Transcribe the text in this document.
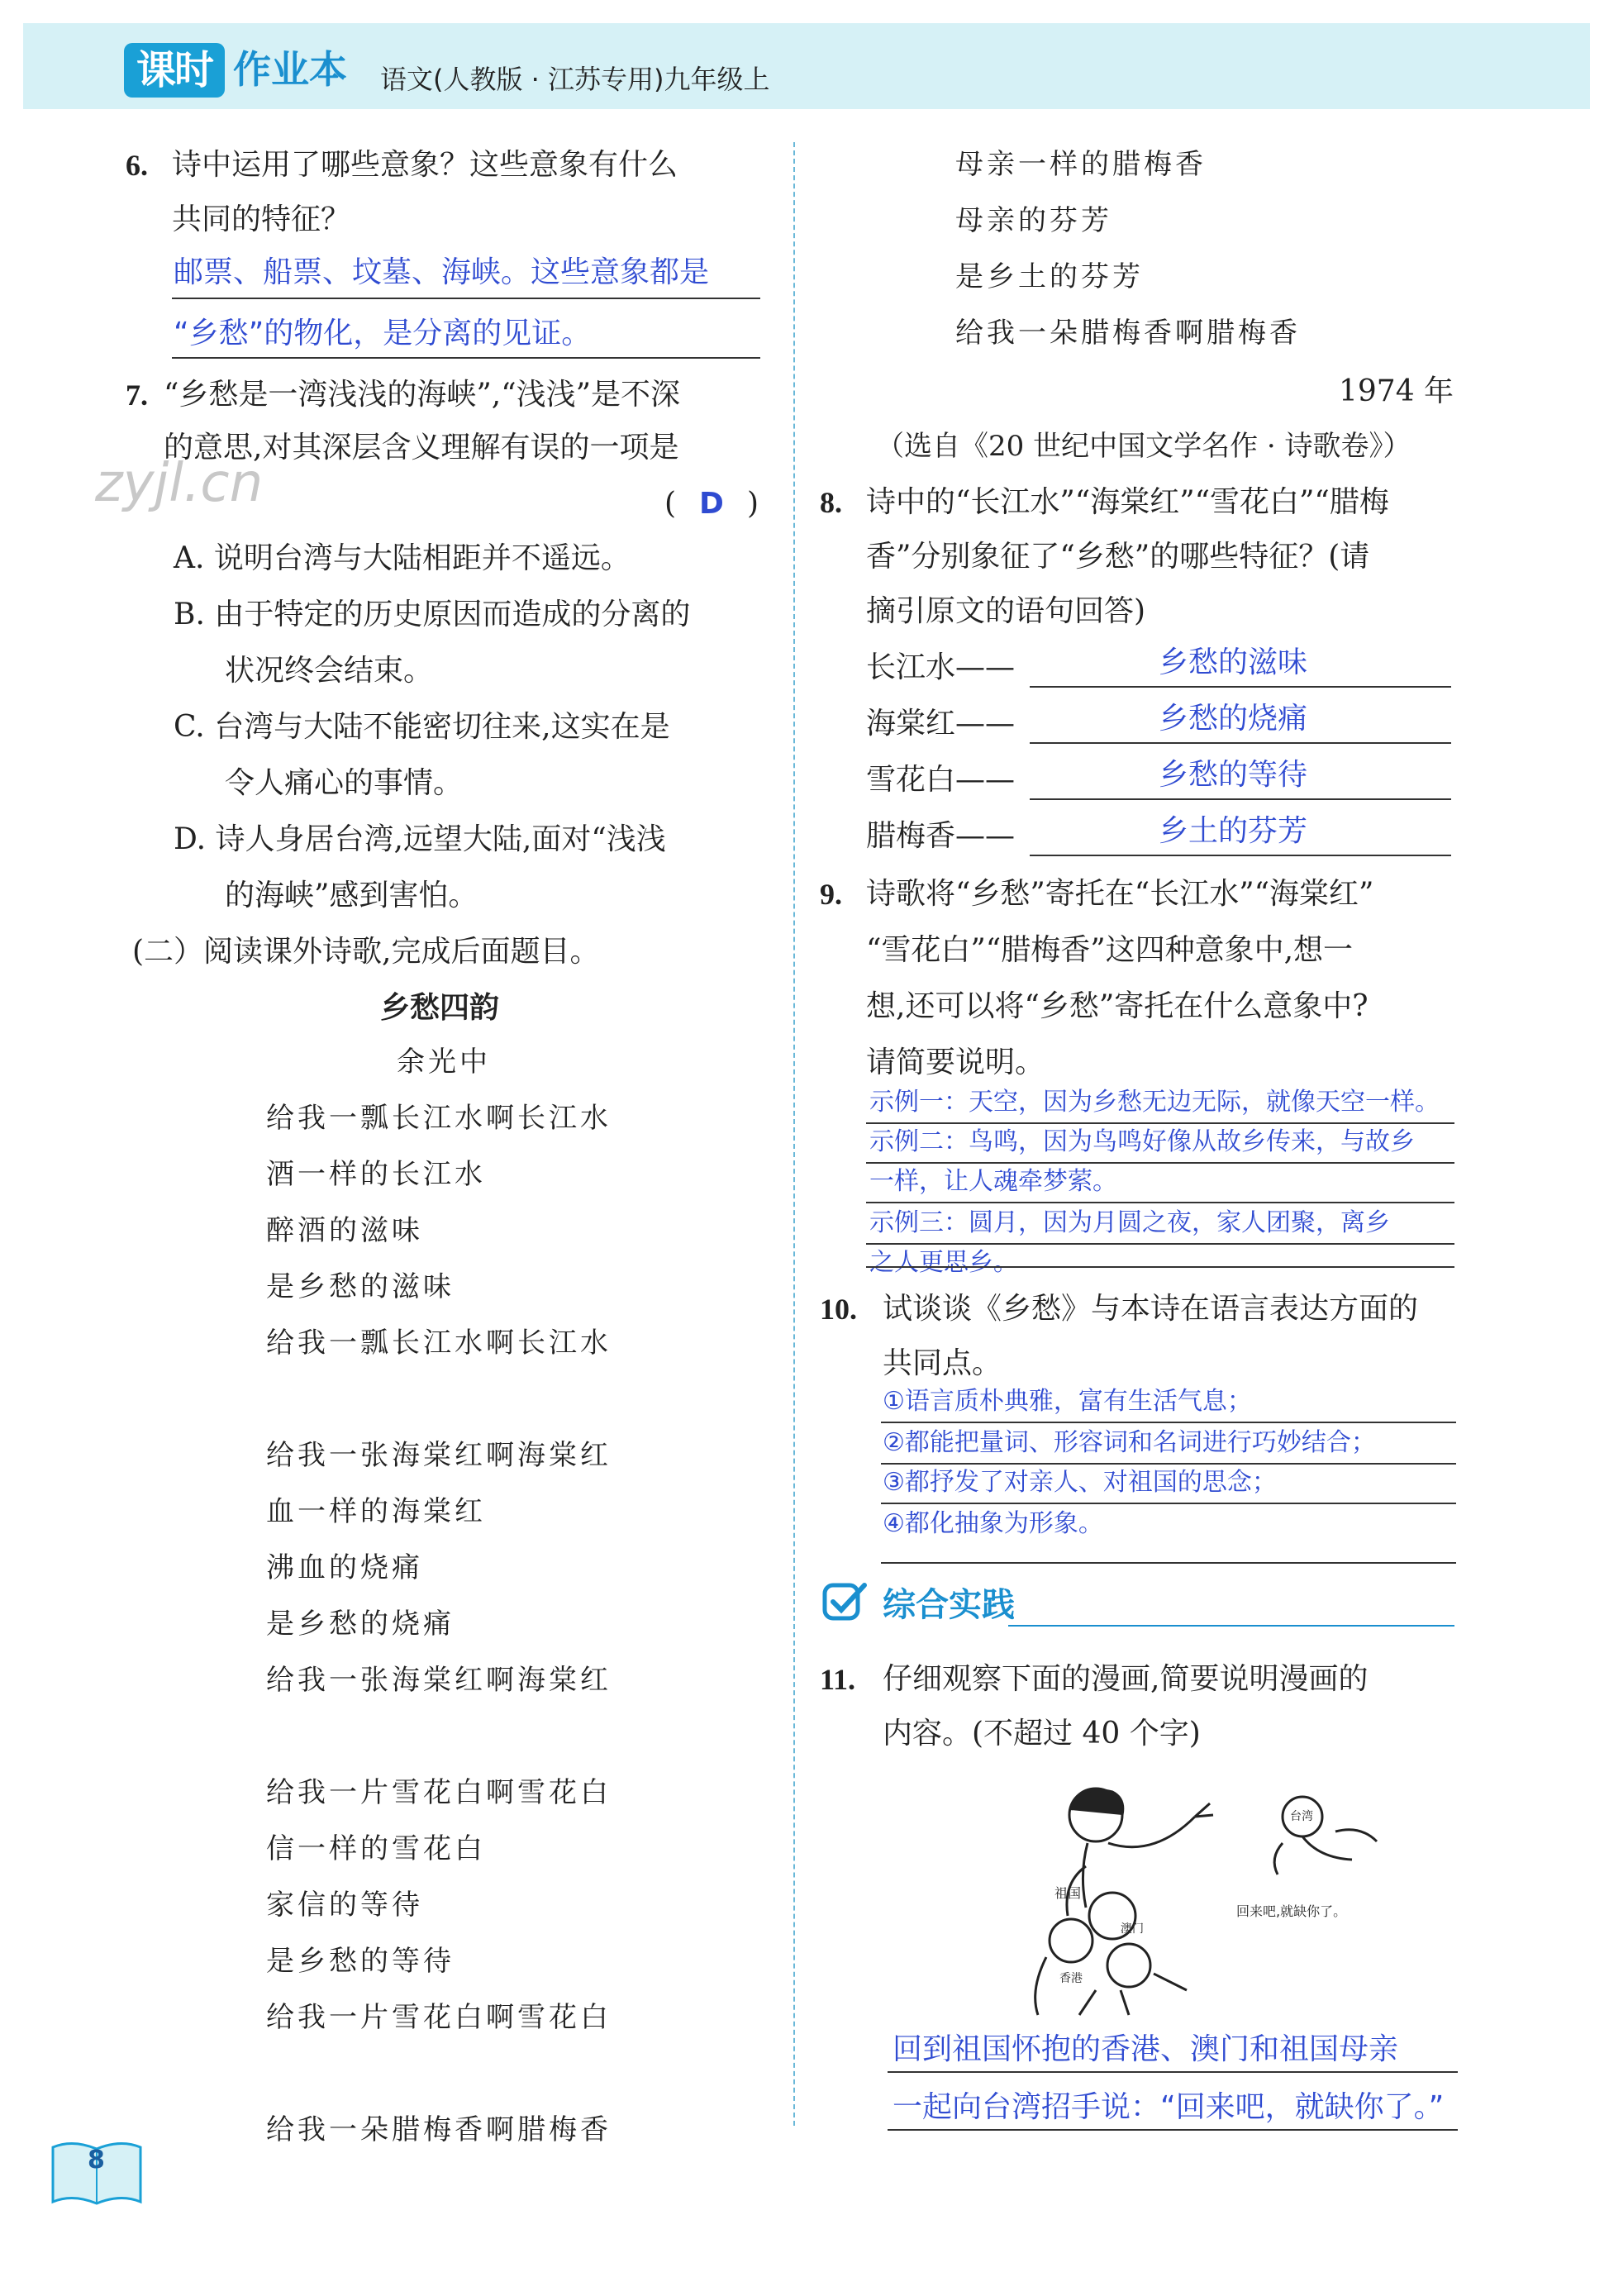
课时 作业本 语文(人教版 · 江苏专用)九年级上
zyjl.cn
6. 诗中运用了哪些意象？这些意象有什么
共同的特征？
邮票、船票、坟墓、海峡。这些意象都是
“乡愁”的物化，是分离的见证。
7. “乡愁是一湾浅浅的海峡”,“浅浅”是不深
的意思,对其深层含义理解有误的一项是
( D )
A. 说明台湾与大陆相距并不遥远。
B. 由于特定的历史原因而造成的分离的
状况终会结束。
C. 台湾与大陆不能密切往来,这实在是
令人痛心的事情。
D. 诗人身居台湾,远望大陆,面对“浅浅
的海峡”感到害怕。
(二）阅读课外诗歌,完成后面题目。
乡愁四韵
余光中
给我一瓢长江水啊长江水
酒一样的长江水
醉酒的滋味
是乡愁的滋味
给我一瓢长江水啊长江水
给我一张海棠红啊海棠红
血一样的海棠红
沸血的烧痛
是乡愁的烧痛
给我一张海棠红啊海棠红
给我一片雪花白啊雪花白
信一样的雪花白
家信的等待
是乡愁的等待
给我一片雪花白啊雪花白
给我一朵腊梅香啊腊梅香
母亲一样的腊梅香
母亲的芬芳
是乡土的芬芳
给我一朵腊梅香啊腊梅香
1974 年
（选自《20 世纪中国文学名作 · 诗歌卷》）
8. 诗中的“长江水”“海棠红”“雪花白”“腊梅
香”分别象征了“乡愁”的哪些特征？(请
摘引原文的语句回答)
长江水——	乡愁的滋味
海棠红——	乡愁的烧痛
雪花白——	乡愁的等待
腊梅香——	乡土的芬芳
9. 诗歌将“乡愁”寄托在“长江水”“海棠红”
“雪花白”“腊梅香”这四种意象中,想一
想,还可以将“乡愁”寄托在什么意象中?
请简要说明。
示例一：天空，因为乡愁无边无际，就像天空一样。
示例二：鸟鸣，因为鸟鸣好像从故乡传来，与故乡
一样，让人魂牵梦萦。
示例三：圆月，因为月圆之夜，家人团聚，离乡
之人更思乡。
10. 试谈谈《乡愁》与本诗在语言表达方面的
共同点。
①语言质朴典雅，富有生活气息；
②都能把量词、形容词和名词进行巧妙结合；
③都抒发了对亲人、对祖国的思念；
④都化抽象为形象。
综合实践
11. 仔细观察下面的漫画,简要说明漫画的
内容。(不超过 40 个字)
祖国
台湾
澳门
香港
回来吧,就缺你了。
回到祖国怀抱的香港、澳门和祖国母亲
一起向台湾招手说：“回来吧，就缺你了。”
8
